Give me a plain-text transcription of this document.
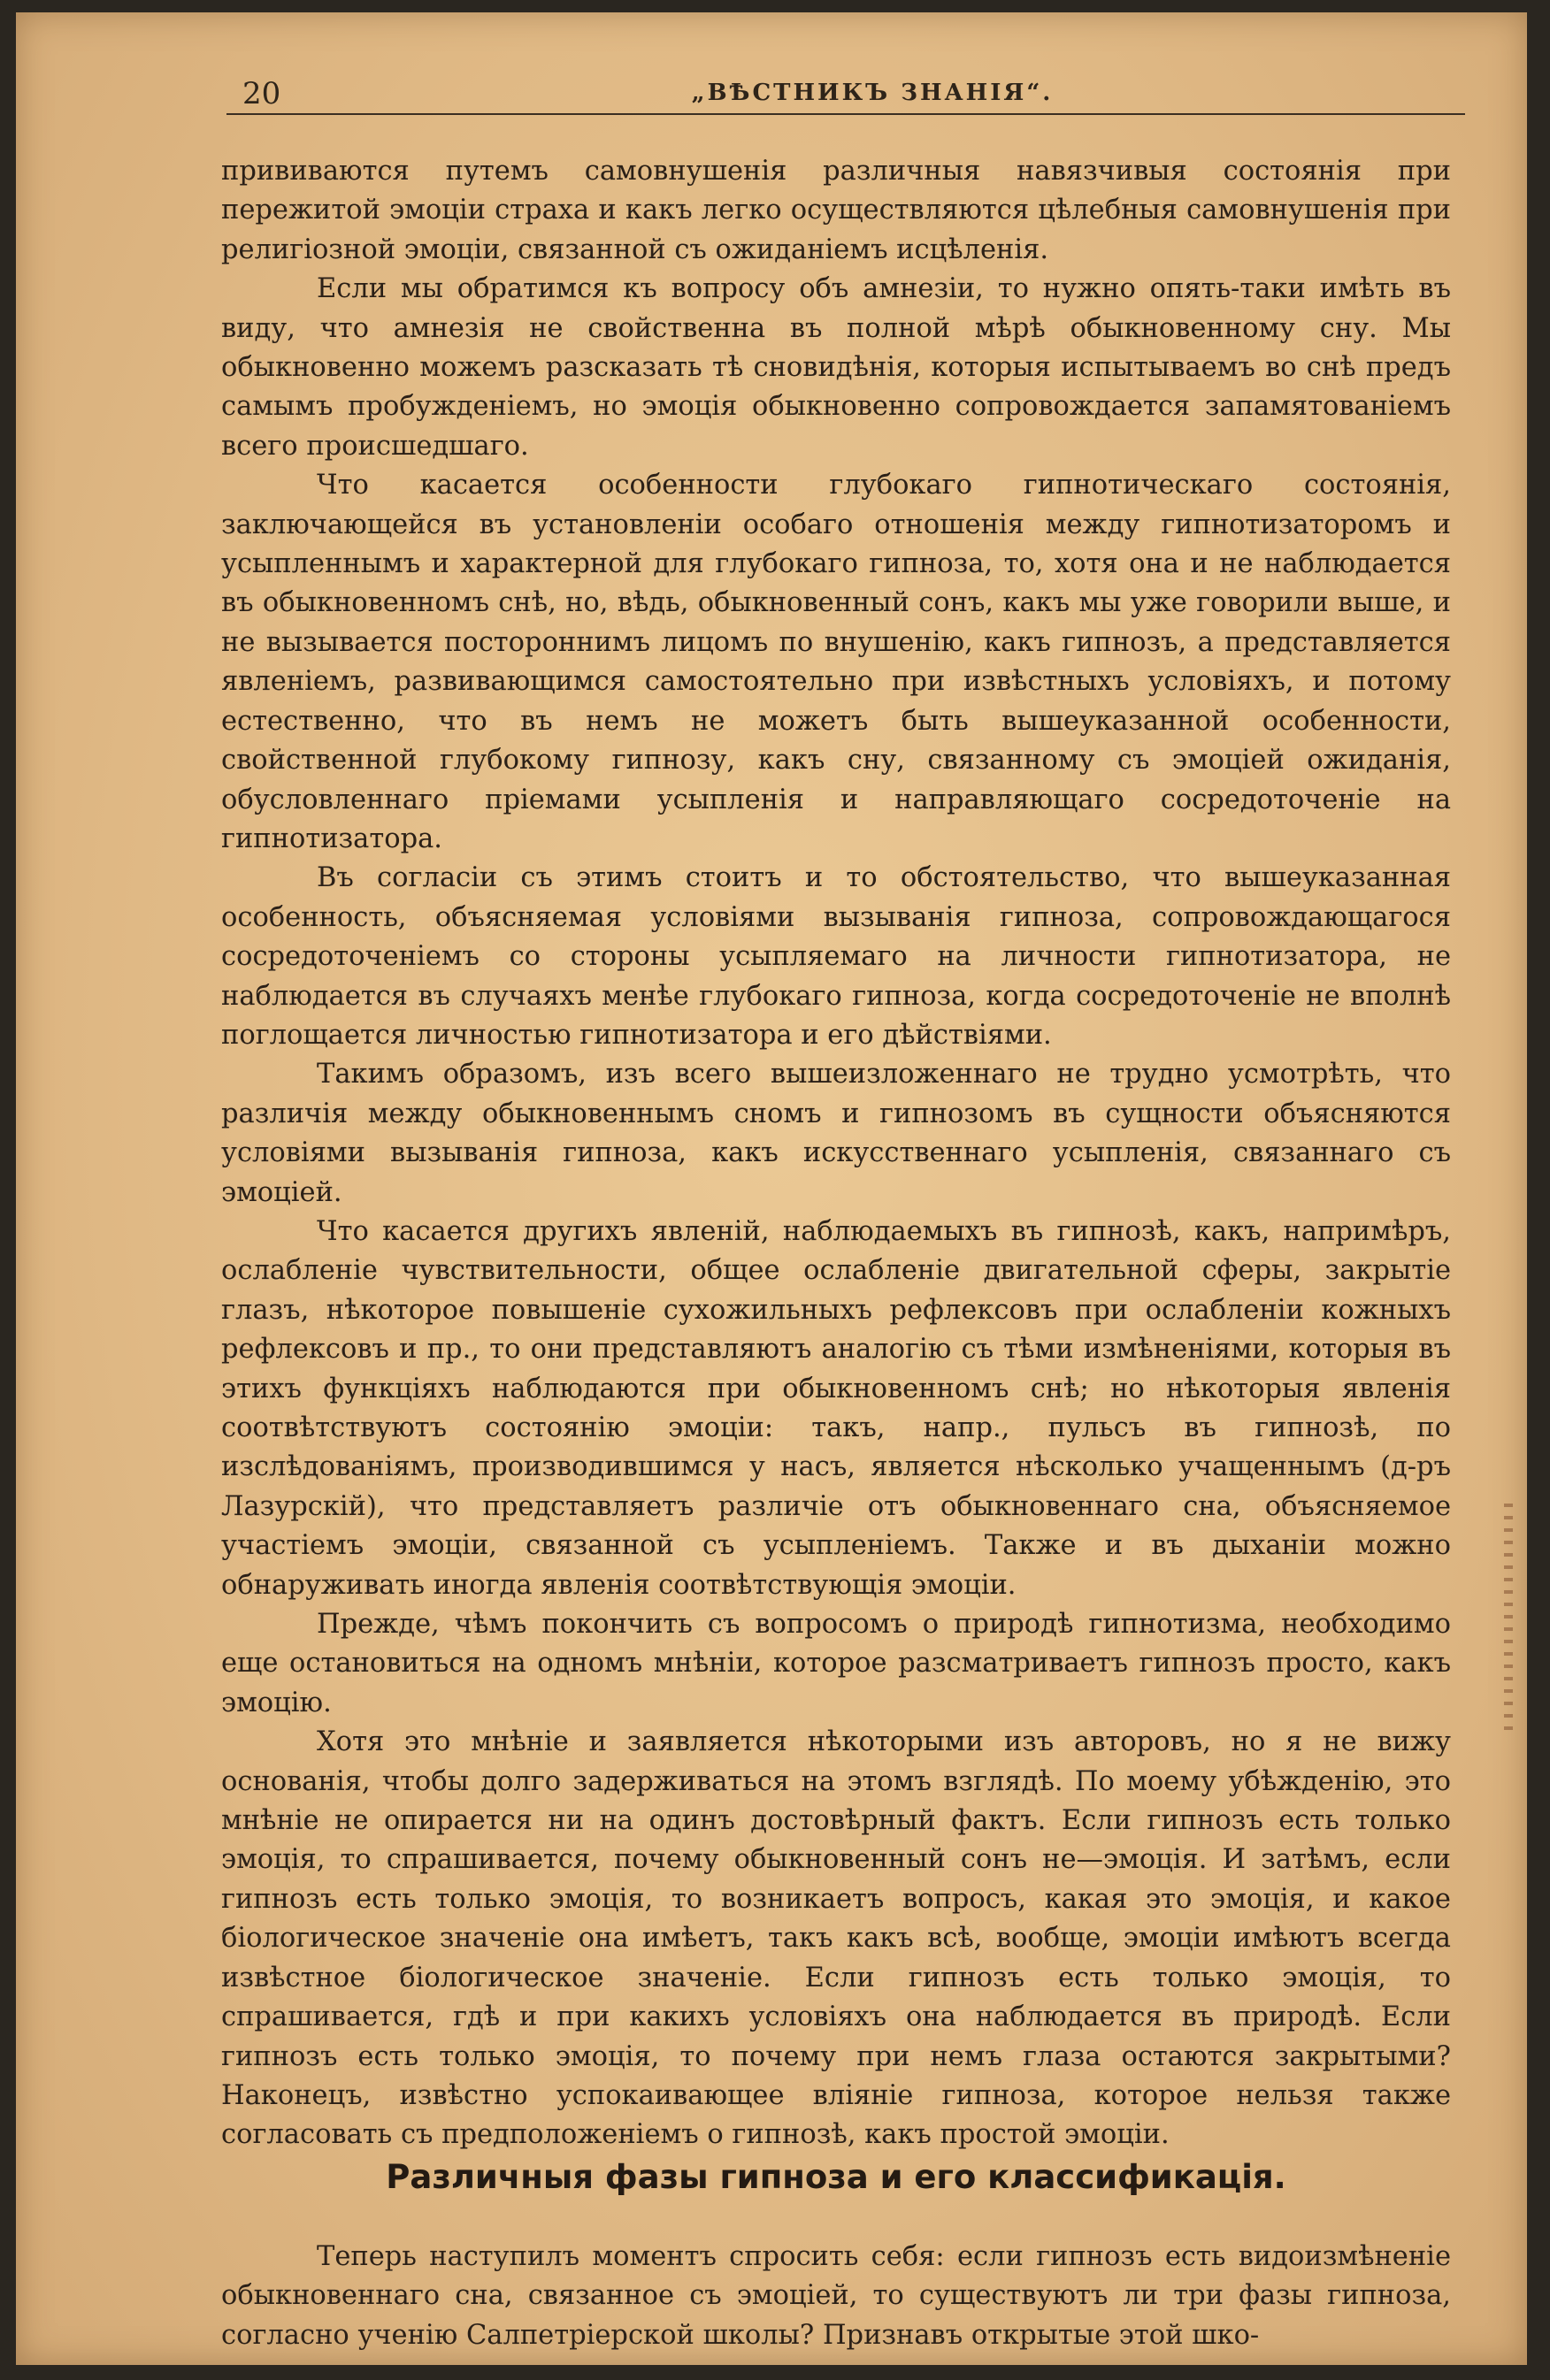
20	„ВѢСТНИКЪ ЗНАНІЯ“.

прививаются путемъ самовнушенія различныя навязчивыя состоянія при пережитой эмоціи страха и какъ легко осуществляются цѣлебныя самовнушенія при религіозной эмоціи, связанной съ ожиданіемъ исцѣленія.

Если мы обратимся къ вопросу объ амнезіи, то нужно опять-таки имѣть въ виду, что амнезія не свойственна въ полной мѣрѣ обыкновенному сну. Мы обыкновенно можемъ разсказать тѣ сновидѣнія, которыя испытываемъ во снѣ предъ самымъ пробужденіемъ, но эмоція обыкновенно сопровождается запамятованіемъ всего происшедшаго.

Что касается особенности глубокаго гипнотическаго состоянія, заключающейся въ установленіи особаго отношенія между гипнотизаторомъ и усыпленнымъ и характерной для глубокаго гипноза, то, хотя она и не наблюдается въ обыкновенномъ снѣ, но, вѣдь, обыкновенный сонъ, какъ мы уже говорили выше, и не вызывается постороннимъ лицомъ по внушенію, какъ гипнозъ, а представляется явленіемъ, развивающимся самостоятельно при извѣстныхъ условіяхъ, и потому естественно, что въ немъ не можетъ быть вышеуказанной особенности, свойственной глубокому гипнозу, какъ сну, связанному съ эмоціей ожиданія, обусловленнаго пріемами усыпленія и направляющаго сосредоточеніе на гипнотизатора.

Въ согласіи съ этимъ стоитъ и то обстоятельство, что вышеуказанная особенность, объясняемая условіями вызыванія гипноза, сопровождающагося сосредоточеніемъ со стороны усыпляемаго на личности гипнотизатора, не наблюдается въ случаяхъ менѣе глубокаго гипноза, когда сосредоточеніе не вполнѣ поглощается личностью гипнотизатора и его дѣйствіями.

Такимъ образомъ, изъ всего вышеизложеннаго не трудно усмотрѣть, что различія между обыкновеннымъ сномъ и гипнозомъ въ сущности объясняются условіями вызыванія гипноза, какъ искусственнаго усыпленія, связаннаго съ эмоціей.

Что касается другихъ явленій, наблюдаемыхъ въ гипнозѣ, какъ, напримѣръ, ослабленіе чувствительности, общее ослабленіе двигательной сферы, закрытіе глазъ, нѣкоторое повышеніе сухожильныхъ рефлексовъ при ослабленіи кожныхъ рефлексовъ и пр., то они представляютъ аналогію съ тѣми измѣненіями, которыя въ этихъ функціяхъ наблюдаются при обыкновенномъ снѣ; но нѣкоторыя явленія соотвѣтствуютъ состоянію эмоціи: такъ, напр., пульсъ въ гипнозѣ, по изслѣдованіямъ, производившимся у насъ, является нѣсколько учащеннымъ (д-ръ Лазурскій), что представляетъ различіе отъ обыкновеннаго сна, объясняемое участіемъ эмоціи, связанной съ усыпленіемъ. Также и въ дыханіи можно обнаруживать иногда явленія соотвѣтствующія эмоціи.

Прежде, чѣмъ покончить съ вопросомъ о природѣ гипнотизма, необходимо еще остановиться на одномъ мнѣніи, которое разсматриваетъ гипнозъ просто, какъ эмоцію.

Хотя это мнѣніе и заявляется нѣкоторыми изъ авторовъ, но я не вижу основанія, чтобы долго задерживаться на этомъ взглядѣ. По моему убѣжденію, это мнѣніе не опирается ни на одинъ достовѣрный фактъ. Если гипнозъ есть только эмоція, то спрашивается, почему обыкновенный сонъ не—эмоція. И затѣмъ, если гипнозъ есть только эмоція, то возникаетъ вопросъ, какая это эмоція, и какое біологическое значеніе она имѣетъ, такъ какъ всѣ, вообще, эмоціи имѣютъ всегда извѣстное біологическое значеніе. Если гипнозъ есть только эмоція, то спрашивается, гдѣ и при какихъ условіяхъ она наблюдается въ природѣ. Если гипнозъ есть только эмоція, то почему при немъ глаза остаются закрытыми? Наконецъ, извѣстно успокаивающее вліяніе гипноза, которое нельзя также согласовать съ предположеніемъ о гипнозѣ, какъ простой эмоціи.

Различныя фазы гипноза и его классификація.

Теперь наступилъ моментъ спросить себя: если гипнозъ есть видоизмѣненіе обыкновеннаго сна, связанное съ эмоціей, то существуютъ ли три фазы гипноза, согласно ученію Салпетріерской школы? Признавъ открытые этой шко-
